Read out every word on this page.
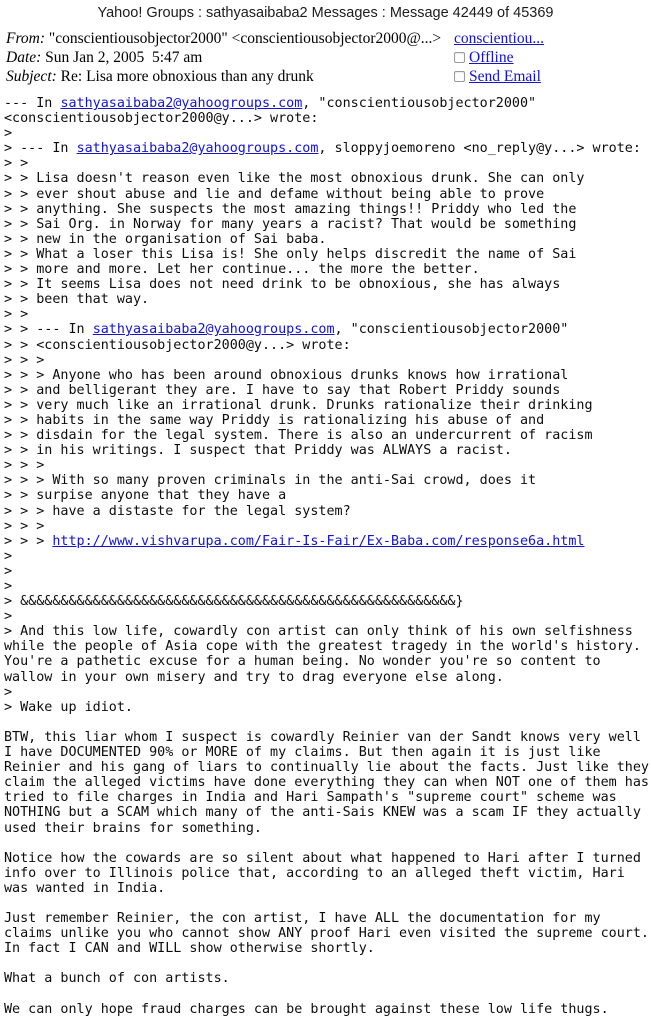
Yahoo! Groups : sathyasaibaba2 Messages : Message 42449 of 45369
From: "conscientiousobjector2000" <conscientiousobjector2000@...>
Date: Sun Jan 2, 2005  5:47 am
Subject: Re: Lisa more obnoxious than any drunk
conscientiou...
Offline
Send Email
--- In sathyasaibaba2@yahoogroups.com, "conscientiousobjector2000"
<conscientiousobjector2000@y...> wrote:
>
> --- In sathyasaibaba2@yahoogroups.com, sloppyjoemoreno <no_reply@y...> wrote:
> >
> > Lisa doesn't reason even like the most obnoxious drunk. She can only
> > ever shout abuse and lie and defame without being able to prove
> > anything. She suspects the most amazing things!! Priddy who led the
> > Sai Org. in Norway for many years a racist? That would be something
> > new in the organisation of Sai baba.
> > What a loser this Lisa is! She only helps discredit the name of Sai
> > more and more. Let her continue... the more the better.
> > It seems Lisa does not need drink to be obnoxious, she has always
> > been that way.
> >
> > --- In sathyasaibaba2@yahoogroups.com, "conscientiousobjector2000"
> > <conscientiousobjector2000@y...> wrote:
> > >
> > > Anyone who has been around obnoxious drunks knows how irrational
> > and belligerant they are. I have to say that Robert Priddy sounds
> > very much like an irrational drunk. Drunks rationalize their drinking
> > habits in the same way Priddy is rationalizing his abuse of and
> > disdain for the legal system. There is also an undercurrent of racism
> > in his writings. I suspect that Priddy was ALWAYS a racist.
> > >
> > > With so many proven criminals in the anti-Sai crowd, does it
> > surpise anyone that they have a
> > > have a distaste for the legal system?
> > >
> > > http://www.vishvarupa.com/Fair-Is-Fair/Ex-Baba.com/response6a.html
>
>
>
> &&&&&&&&&&&&&&&&&&&&&&&&&&&&&&&&&&&&&&&&&&&&&&&&&&&&&&}
>
> And this low life, cowardly con artist can only think of his own selfishness
while the people of Asia cope with the greatest tragedy in the world's history.
You're a pathetic excuse for a human being. No wonder you're so content to
wallow in your own misery and try to drag everyone else along.
>
> Wake up idiot.

BTW, this liar whom I suspect is cowardly Reinier van der Sandt knows very well
I have DOCUMENTED 90% or MORE of my claims. But then again it is just like
Reinier and his gang of liars to continually lie about the facts. Just like they
claim the alleged victims have done everything they can when NOT one of them has
tried to file charges in India and Hari Sampath's "supreme court" scheme was
NOTHING but a SCAM which many of the anti-Sais KNEW was a scam IF they actually
used their brains for something.

Notice how the cowards are so silent about what happened to Hari after I turned
info over to Illinois police that, according to an alleged theft victim, Hari
was wanted in India.

Just remember Reinier, the con artist, I have ALL the documentation for my
claims unlike you who cannot show ANY proof Hari even visited the supreme court.
In fact I CAN and WILL show otherwise shortly.

What a bunch of con artists.

We can only hope fraud charges can be brought against these low life thugs.
